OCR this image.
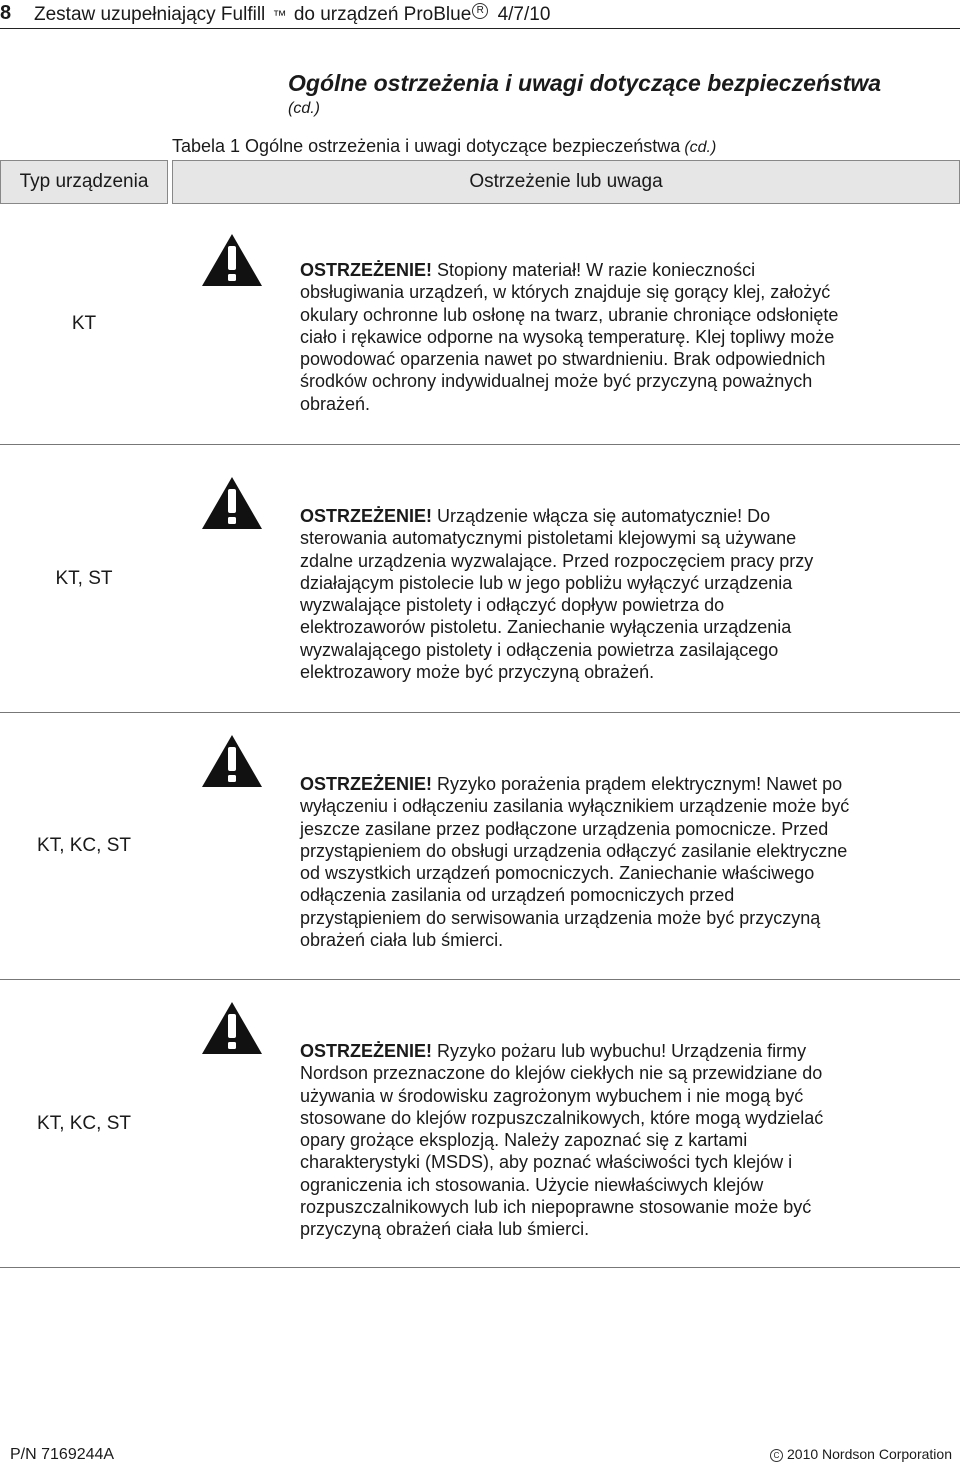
8 Zestaw uzupełniający Fulfill ™ do urządzeń ProBlue R 4/7/10
Ogólne ostrzeżenia i uwagi dotyczące bezpieczeństwa
(cd.)
Tabela 1 Ogólne ostrzeżenia i uwagi dotyczące bezpieczeństwa (cd.)
Typ urządzenia	Ostrzeżenie lub uwaga
KT
OSTRZEŻENIE! Stopiony materiał! W razie konieczności
obsługiwania urządzeń, w których znajduje się gorący klej, założyć
okulary ochronne lub osłonę na twarz, ubranie chroniące odsłonięte
ciało i rękawice odporne na wysoką temperaturę. Klej topliwy może
powodować oparzenia nawet po stwardnieniu. Brak odpowiednich
środków ochrony indywidualnej może być przyczyną poważnych
obrażeń.
KT, ST
OSTRZEŻENIE! Urządzenie włącza się automatycznie! Do
sterowania automatycznymi pistoletami klejowymi są używane
zdalne urządzenia wyzwalające. Przed rozpoczęciem pracy przy
działającym pistolecie lub w jego pobliżu wyłączyć urządzenia
wyzwalające pistolety i odłączyć dopływ powietrza do
elektrozaworów pistoletu. Zaniechanie wyłączenia urządzenia
wyzwalającego pistolety i odłączenia powietrza zasilającego
elektrozawory może być przyczyną obrażeń.
KT, KC, ST
OSTRZEŻENIE! Ryzyko porażenia prądem elektrycznym! Nawet po
wyłączeniu i odłączeniu zasilania wyłącznikiem urządzenie może być
jeszcze zasilane przez podłączone urządzenia pomocnicze. Przed
przystąpieniem do obsługi urządzenia odłączyć zasilanie elektryczne
od wszystkich urządzeń pomocniczych. Zaniechanie właściwego
odłączenia zasilania od urządzeń pomocniczych przed
przystąpieniem do serwisowania urządzenia może być przyczyną
obrażeń ciała lub śmierci.
KT, KC, ST
OSTRZEŻENIE! Ryzyko pożaru lub wybuchu! Urządzenia firmy
Nordson przeznaczone do klejów ciekłych nie są przewidziane do
używania w środowisku zagrożonym wybuchem i nie mogą być
stosowane do klejów rozpuszczalnikowych, które mogą wydzielać
opary grożące eksplozją. Należy zapoznać się z kartami
charakterystyki (MSDS), aby poznać właściwości tych klejów i
ograniczenia ich stosowania. Użycie niewłaściwych klejów
rozpuszczalnikowych lub ich niepoprawne stosowanie może być
przyczyną obrażeń ciała lub śmierci.
P/N 7169244A	C 2010 Nordson Corporation
